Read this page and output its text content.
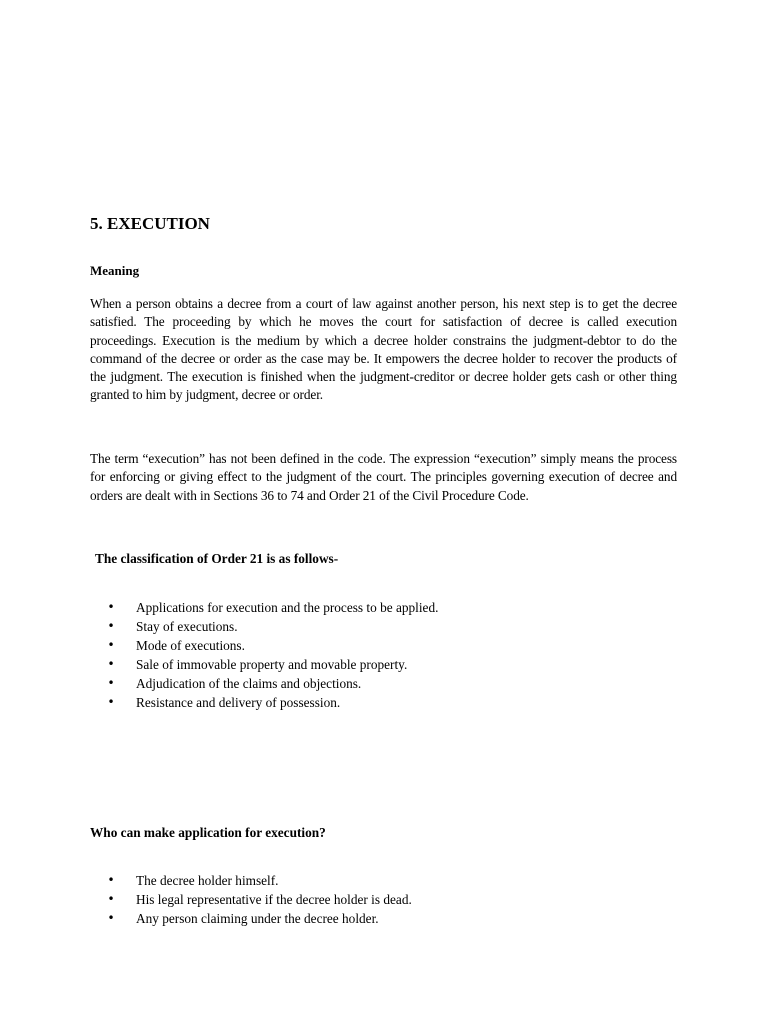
5. EXECUTION
Meaning

When a person obtains a decree from a court of law against another person, his next step is to get the decree satisfied. The proceeding by which he moves the court for satisfaction of decree is called execution proceedings. Execution is the medium by which a decree holder constrains the judgment-debtor to do the command of the decree or order as the case may be. It empowers the decree holder to recover the products of the judgment. The execution is finished when the judgment-creditor or decree holder gets cash or other thing granted to him by judgment, decree or order.

The term “execution” has not been defined in the code. The expression “execution” simply means the process for enforcing or giving effect to the judgment of the court. The principles governing execution of decree and orders are dealt with in Sections 36 to 74 and Order 21 of the Civil Procedure Code.

The classification of Order 21 is as follows-

• Applications for execution and the process to be applied.
• Stay of executions.
• Mode of executions.
• Sale of immovable property and movable property.
• Adjudication of the claims and objections.
• Resistance and delivery of possession.

Who can make application for execution?

• The decree holder himself.
• His legal representative if the decree holder is dead.
• Any person claiming under the decree holder.
